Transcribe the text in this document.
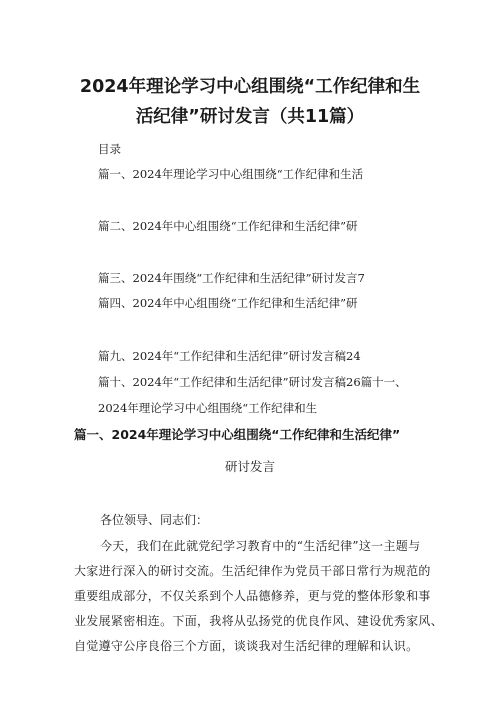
2024年理论学习中心组围绕“工作纪律和生
活纪律”研讨发言（共11篇）

目录

篇一、2024年理论学习中心组围绕“工作纪律和生活

篇二、2024年中心组围绕“工作纪律和生活纪律”研

篇三、2024年围绕“工作纪律和生活纪律”研讨发言7

篇四、2024年中心组围绕“工作纪律和生活纪律”研

篇九、2024年“工作纪律和生活纪律”研讨发言稿24

篇十、2024年“工作纪律和生活纪律”研讨发言稿26篇十一、

2024年理论学习中心组围绕“工作纪律和生

篇一、2024年理论学习中心组围绕“工作纪律和生活纪律”

研讨发言

各位领导、同志们：

今天，我们在此就党纪学习教育中的“生活纪律”这一主题与

大家进行深入的研讨交流。生活纪律作为党员干部日常行为规范的

重要组成部分，不仅关系到个人品德修养，更与党的整体形象和事

业发展紧密相连。下面，我将从弘扬党的优良作风、建设优秀家风、

自觉遵守公序良俗三个方面，谈谈我对生活纪律的理解和认识。
